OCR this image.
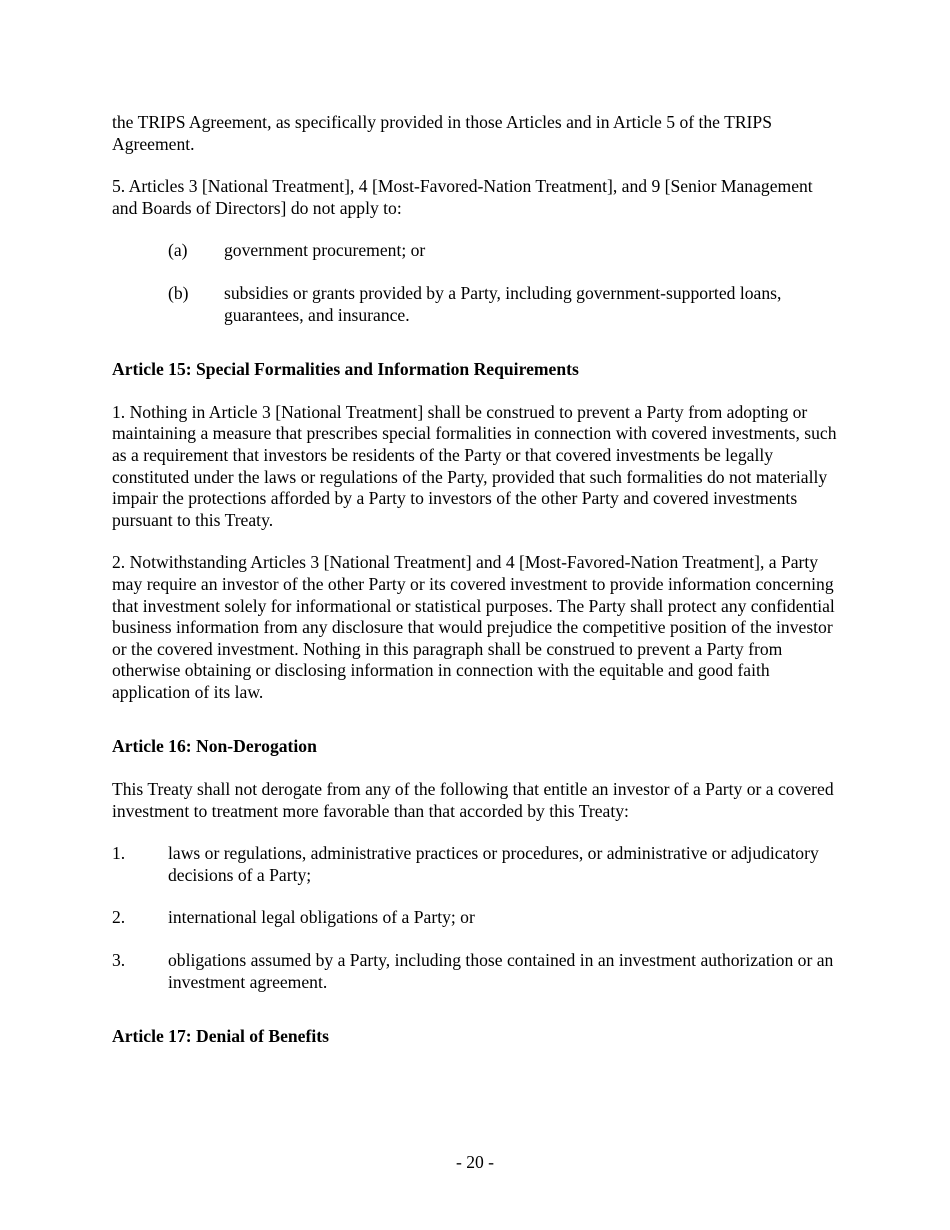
the TRIPS Agreement, as specifically provided in those Articles and in Article 5 of the TRIPS Agreement.

5. Articles 3 [National Treatment], 4 [Most-Favored-Nation Treatment], and 9 [Senior Management and Boards of Directors] do not apply to:

(a) government procurement; or
(b) subsidies or grants provided by a Party, including government-supported loans, guarantees, and insurance.

Article 15: Special Formalities and Information Requirements

1. Nothing in Article 3 [National Treatment] shall be construed to prevent a Party from adopting or maintaining a measure that prescribes special formalities in connection with covered investments, such as a requirement that investors be residents of the Party or that covered investments be legally constituted under the laws or regulations of the Party, provided that such formalities do not materially impair the protections afforded by a Party to investors of the other Party and covered investments pursuant to this Treaty.

2. Notwithstanding Articles 3 [National Treatment] and 4 [Most-Favored-Nation Treatment], a Party may require an investor of the other Party or its covered investment to provide information concerning that investment solely for informational or statistical purposes. The Party shall protect any confidential business information from any disclosure that would prejudice the competitive position of the investor or the covered investment. Nothing in this paragraph shall be construed to prevent a Party from otherwise obtaining or disclosing information in connection with the equitable and good faith application of its law.

Article 16: Non-Derogation

This Treaty shall not derogate from any of the following that entitle an investor of a Party or a covered investment to treatment more favorable than that accorded by this Treaty:

1. laws or regulations, administrative practices or procedures, or administrative or adjudicatory decisions of a Party;
2. international legal obligations of a Party; or
3. obligations assumed by a Party, including those contained in an investment authorization or an investment agreement.

Article 17: Denial of Benefits

- 20 -
